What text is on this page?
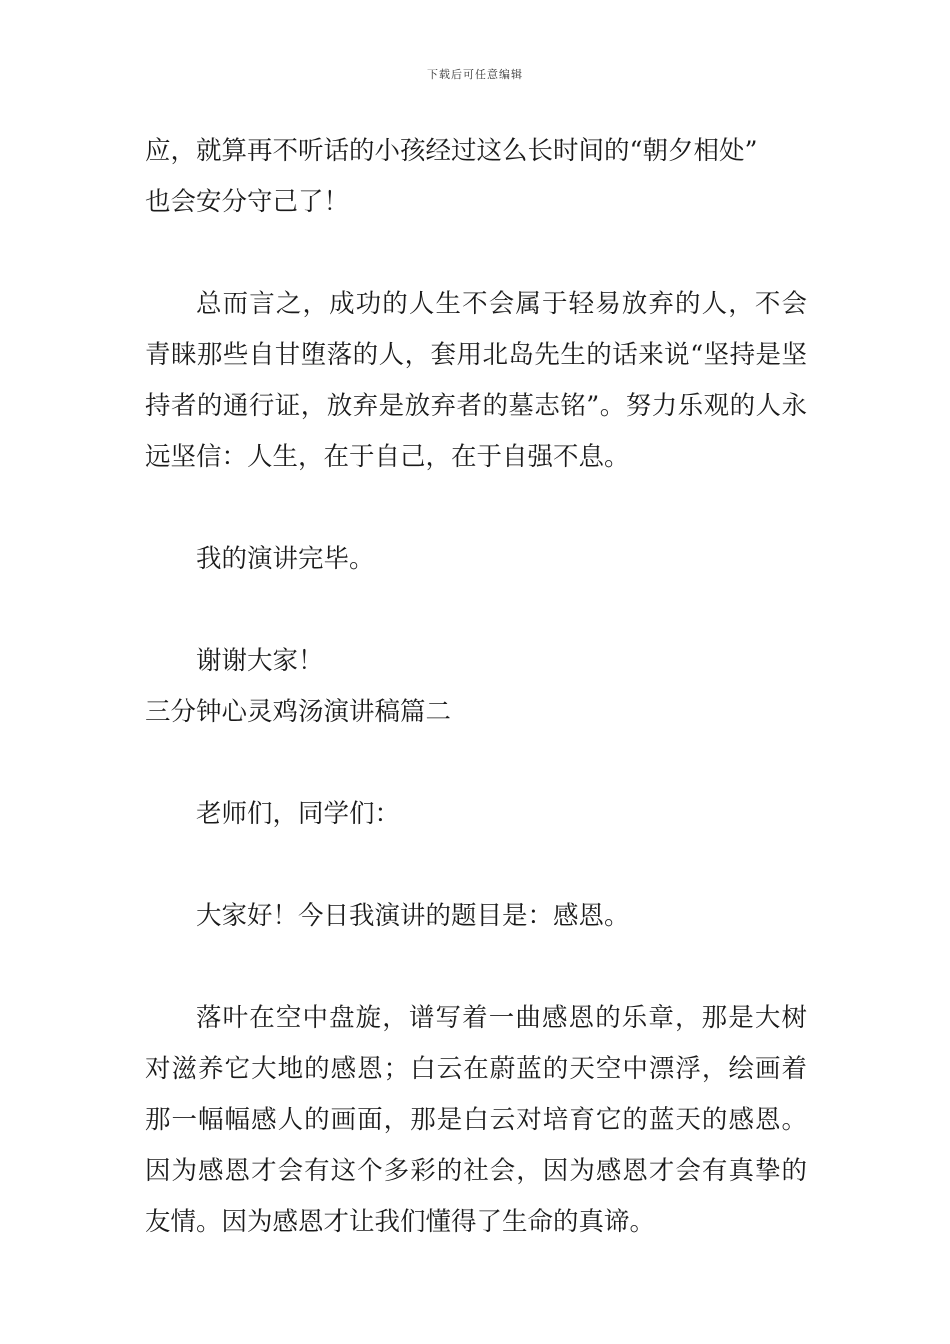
下载后可任意编辑

应，就算再不听话的小孩经过这么长时间的“朝夕相处”

也会安分守己了！

总而言之，成功的人生不会属于轻易放弃的人，不会青睐那些自甘堕落的人，套用北岛先生的话来说“坚持是坚持者的通行证，放弃是放弃者的墓志铭”。努力乐观的人永远坚信：人生，在于自己，在于自强不息。

我的演讲完毕。

谢谢大家！

三分钟心灵鸡汤演讲稿篇二

老师们，同学们：

大家好！今日我演讲的题目是：感恩。

落叶在空中盘旋，谱写着一曲感恩的乐章，那是大树对滋养它大地的感恩；白云在蔚蓝的天空中漂浮，绘画着那一幅幅感人的画面，那是白云对培育它的蓝天的感恩。因为感恩才会有这个多彩的社会，因为感恩才会有真挚的友情。因为感恩才让我们懂得了生命的真谛。
